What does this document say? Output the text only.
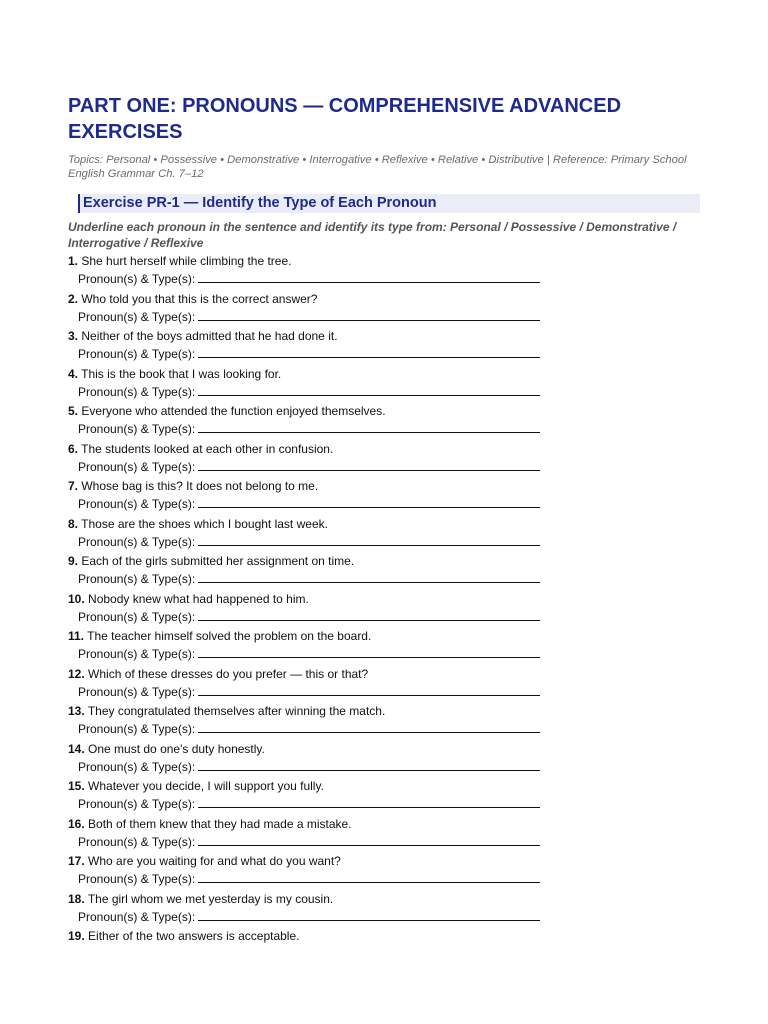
PART ONE: PRONOUNS — COMPREHENSIVE ADVANCED EXERCISES
Topics: Personal • Possessive • Demonstrative • Interrogative • Reflexive • Relative • Distributive | Reference: Primary School English Grammar Ch. 7–12
Exercise PR-1 — Identify the Type of Each Pronoun
Underline each pronoun in the sentence and identify its type from: Personal / Possessive / Demonstrative / Interrogative / Reflexive
1. She hurt herself while climbing the tree.
Pronoun(s) & Type(s):
2. Who told you that this is the correct answer?
Pronoun(s) & Type(s):
3. Neither of the boys admitted that he had done it.
Pronoun(s) & Type(s):
4. This is the book that I was looking for.
Pronoun(s) & Type(s):
5. Everyone who attended the function enjoyed themselves.
Pronoun(s) & Type(s):
6. The students looked at each other in confusion.
Pronoun(s) & Type(s):
7. Whose bag is this? It does not belong to me.
Pronoun(s) & Type(s):
8. Those are the shoes which I bought last week.
Pronoun(s) & Type(s):
9. Each of the girls submitted her assignment on time.
Pronoun(s) & Type(s):
10. Nobody knew what had happened to him.
Pronoun(s) & Type(s):
11. The teacher himself solved the problem on the board.
Pronoun(s) & Type(s):
12. Which of these dresses do you prefer — this or that?
Pronoun(s) & Type(s):
13. They congratulated themselves after winning the match.
Pronoun(s) & Type(s):
14. One must do one's duty honestly.
Pronoun(s) & Type(s):
15. Whatever you decide, I will support you fully.
Pronoun(s) & Type(s):
16. Both of them knew that they had made a mistake.
Pronoun(s) & Type(s):
17. Who are you waiting for and what do you want?
Pronoun(s) & Type(s):
18. The girl whom we met yesterday is my cousin.
Pronoun(s) & Type(s):
19. Either of the two answers is acceptable.
